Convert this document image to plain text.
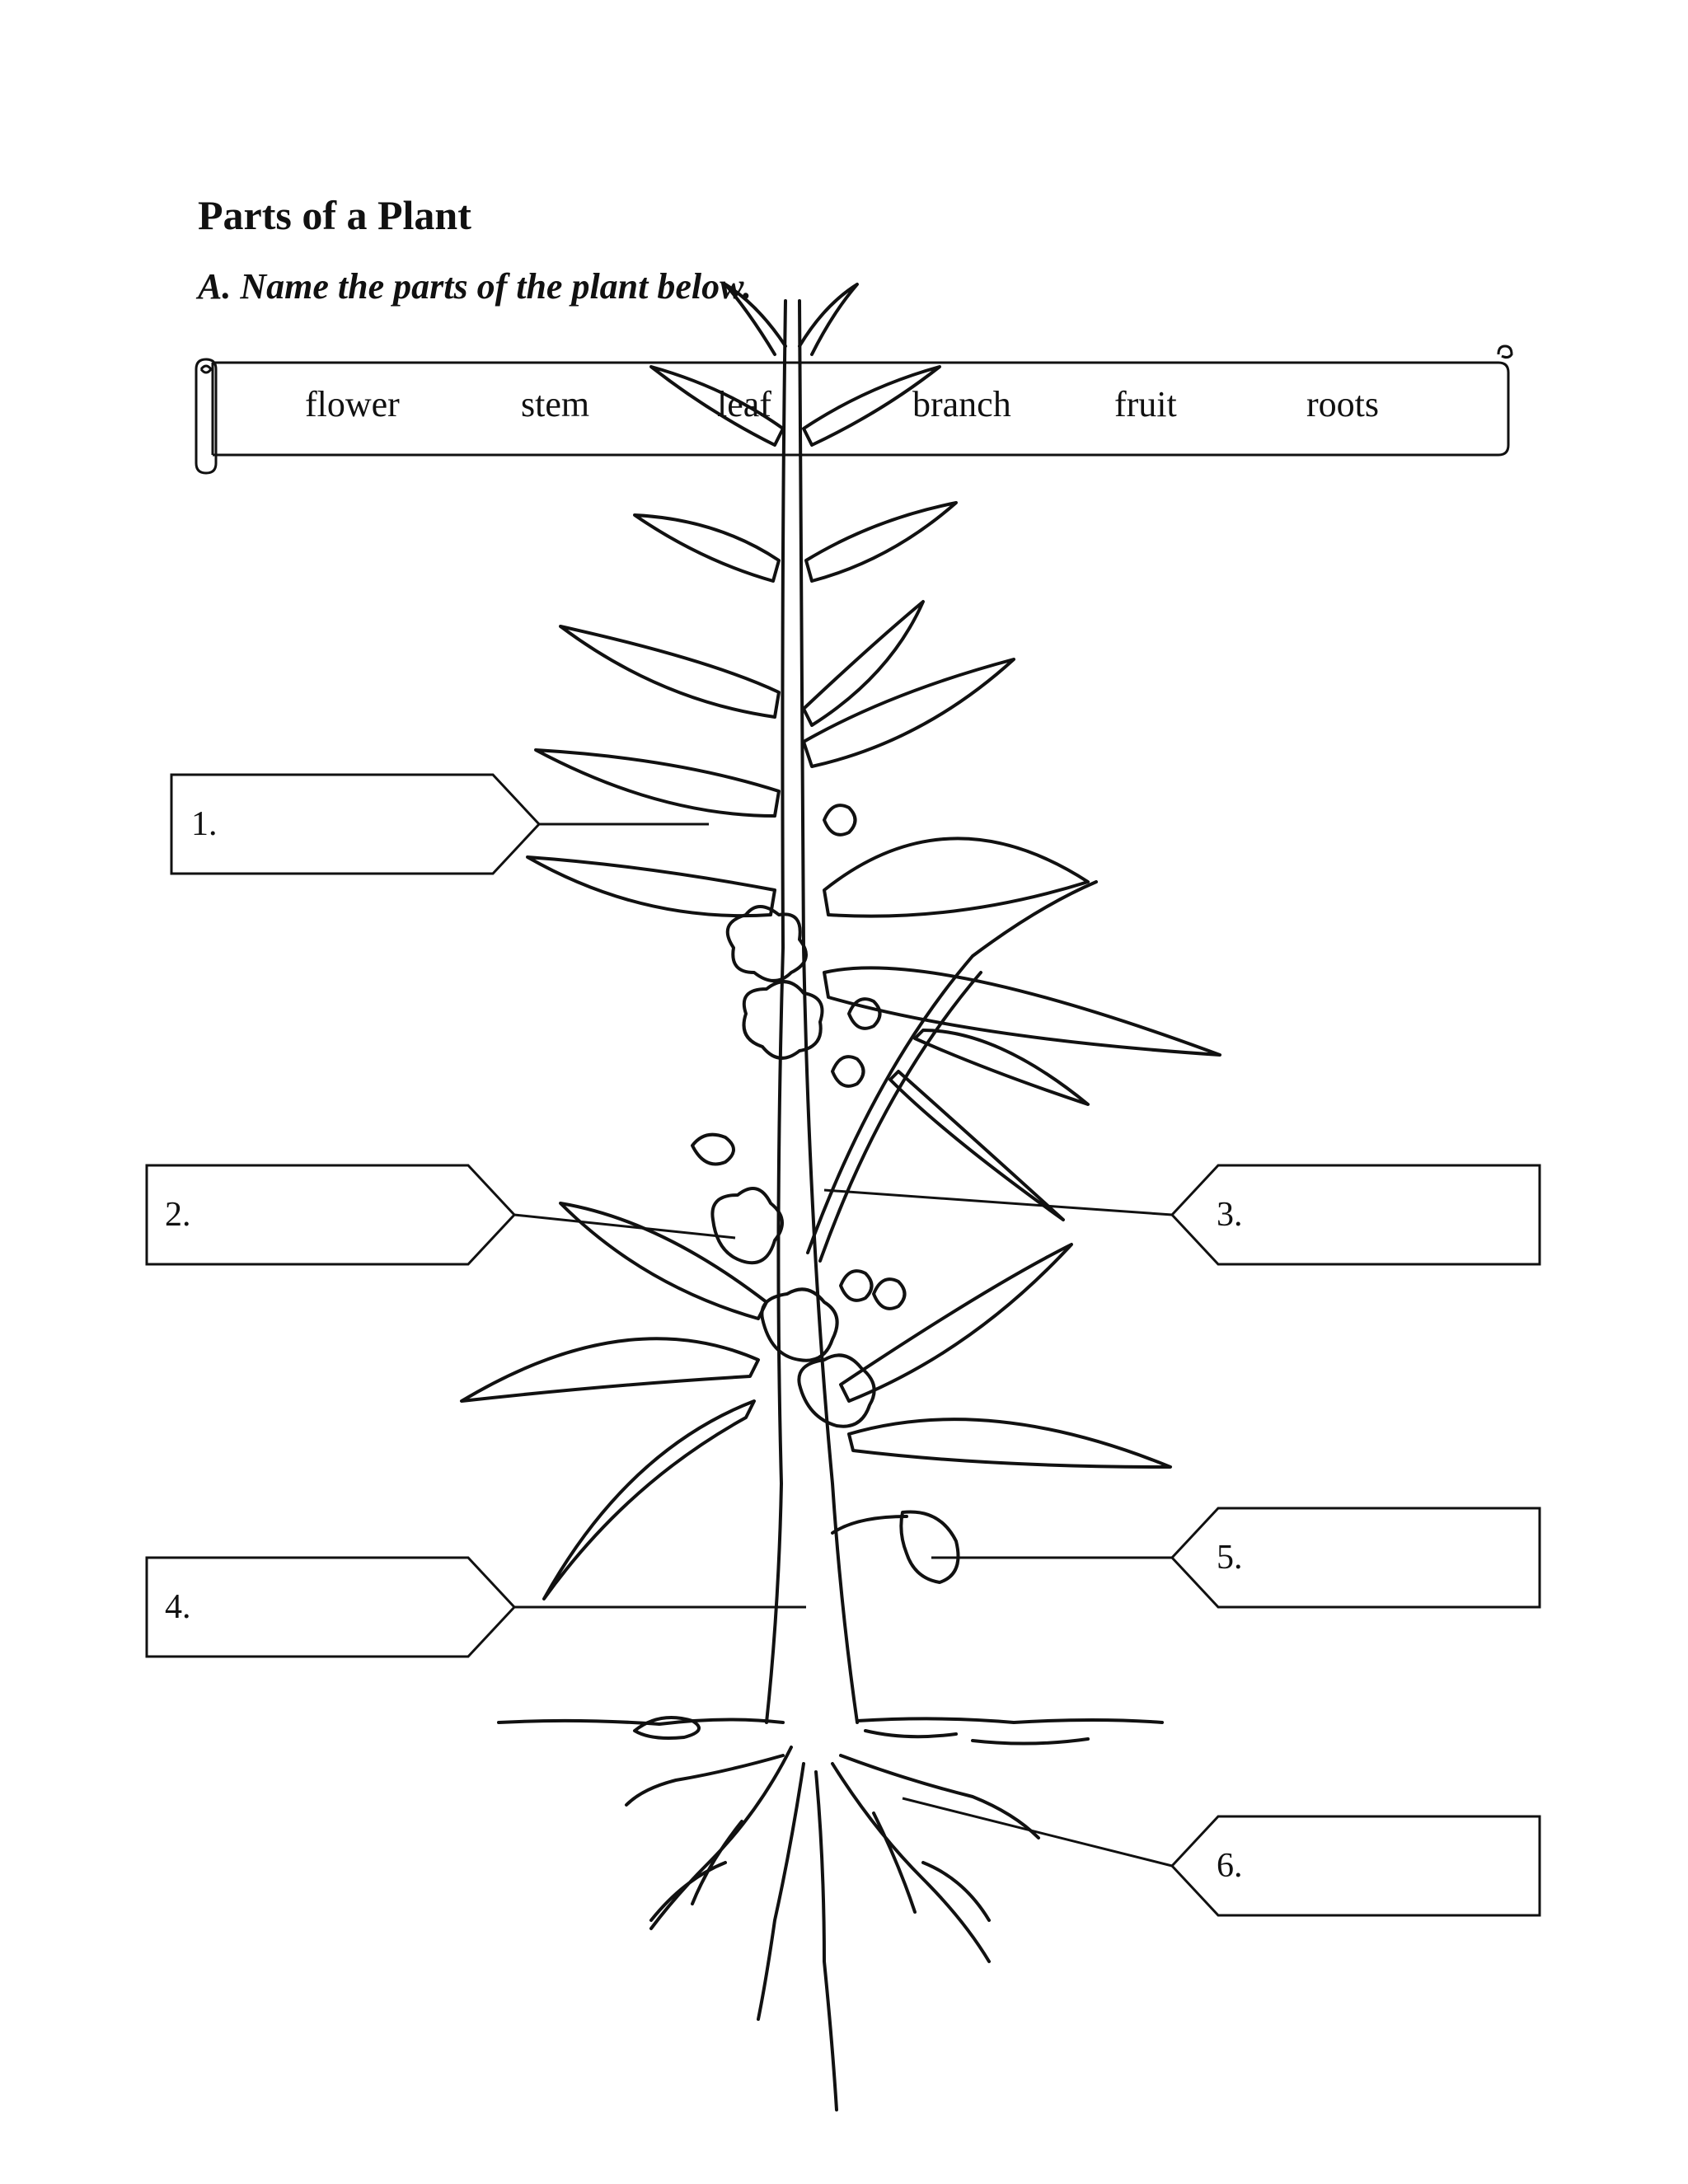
Parts of a Plant
A. Name the parts of the plant below.
flower	stem	leaf	branch	fruit	roots
1.
2.	3.
4.
5.
6.
